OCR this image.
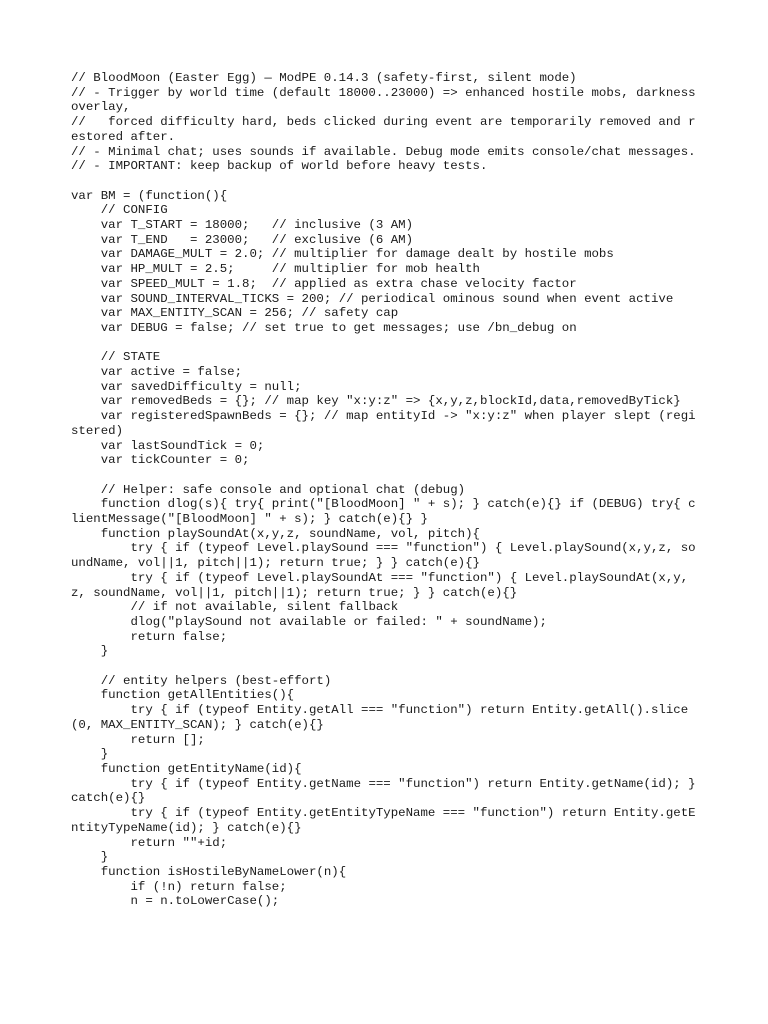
// BloodMoon (Easter Egg) — ModPE 0.14.3 (safety-first, silent mode)
// - Trigger by world time (default 18000..23000) => enhanced hostile mobs, darkness overlay,
//   forced difficulty hard, beds clicked during event are temporarily removed and restored after.
// - Minimal chat; uses sounds if available. Debug mode emits console/chat messages.
// - IMPORTANT: keep backup of world before heavy tests.
var BM = (function(){
// CONFIG
var T_START = 18000;   // inclusive (3 AM)
var T_END   = 23000;   // exclusive (6 AM)
var DAMAGE_MULT = 2.0; // multiplier for damage dealt by hostile mobs
var HP_MULT = 2.5;     // multiplier for mob health
var SPEED_MULT = 1.8;  // applied as extra chase velocity factor
var SOUND_INTERVAL_TICKS = 200; // periodical ominous sound when event active
var MAX_ENTITY_SCAN = 256; // safety cap
var DEBUG = false; // set true to get messages; use /bn_debug on
// STATE
var active = false;
var savedDifficulty = null;
var removedBeds = {}; // map key "x:y:z" => {x,y,z,blockId,data,removedByTick}
var registeredSpawnBeds = {}; // map entityId -> "x:y:z" when player slept (registered)
var lastSoundTick = 0;
var tickCounter = 0;
// Helper: safe console and optional chat (debug)
function dlog(s){ try{ print("[BloodMoon] " + s); } catch(e){} if (DEBUG) try{ clientMessage("[BloodMoon] " + s); } catch(e){} }
function playSoundAt(x,y,z, soundName, vol, pitch){
try { if (typeof Level.playSound === "function") { Level.playSound(x,y,z, soundName, vol||1, pitch||1); return true; } } catch(e){}
try { if (typeof Level.playSoundAt === "function") { Level.playSoundAt(x,y,z, soundName, vol||1, pitch||1); return true; } } catch(e){}
// if not available, silent fallback
dlog("playSound not available or failed: " + soundName);
return false;
}
// entity helpers (best-effort)
function getAllEntities(){
try { if (typeof Entity.getAll === "function") return Entity.getAll().slice(0, MAX_ENTITY_SCAN); } catch(e){}
return [];
}
function getEntityName(id){
try { if (typeof Entity.getName === "function") return Entity.getName(id); } catch(e){}
try { if (typeof Entity.getEntityTypeName === "function") return Entity.getEntityTypeName(id); } catch(e){}
return ""+id;
}
function isHostileByNameLower(n){
if (!n) return false;
n = n.toLowerCase();
